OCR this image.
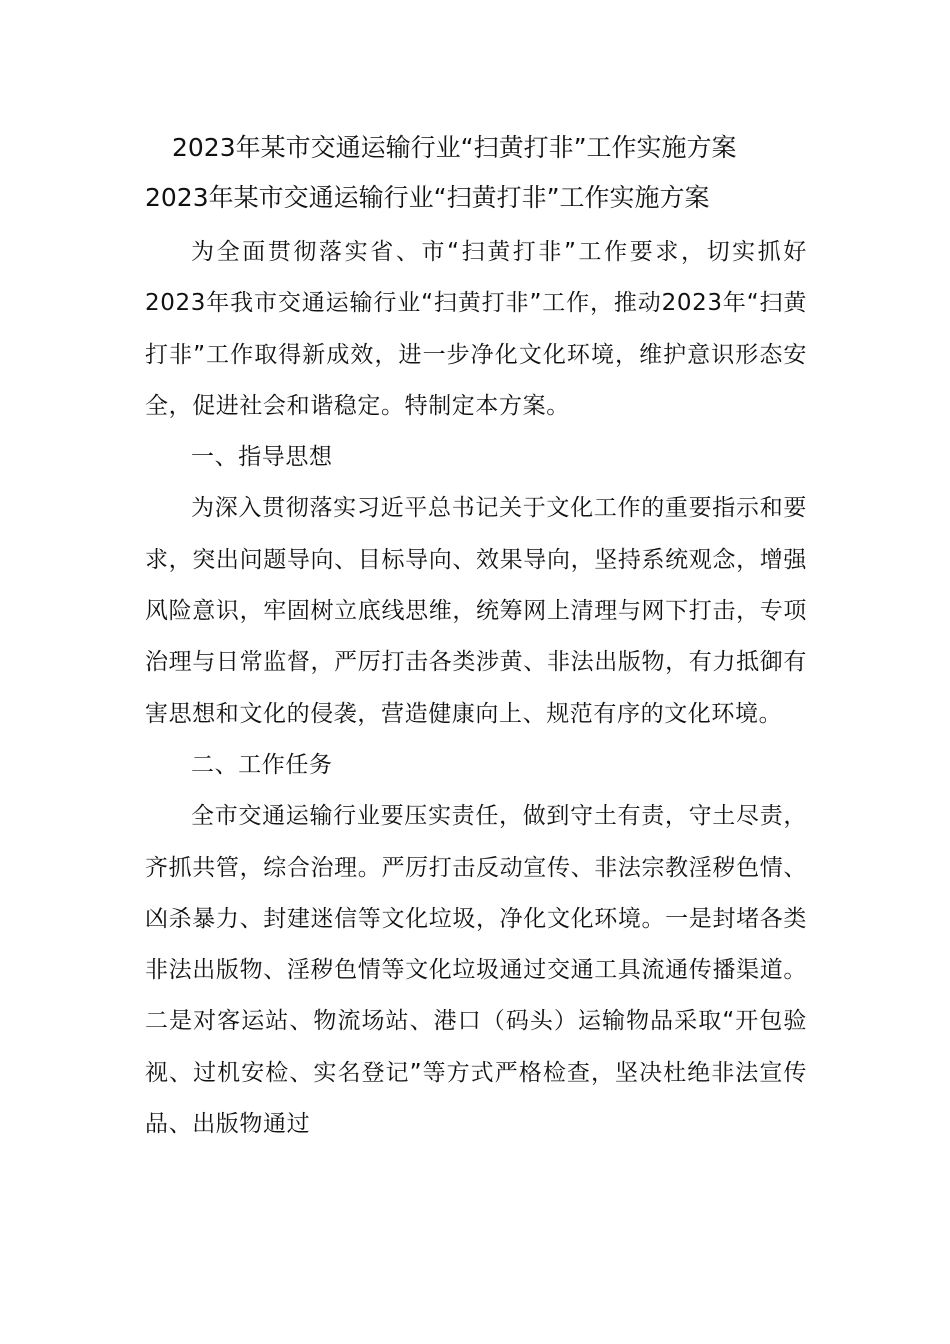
2023年某市交通运输行业“扫黄打非”工作实施方案
2023年某市交通运输行业“扫黄打非”工作实施方案

为全面贯彻落实省、市“扫黄打非”工作要求，切实抓好2023年我市交通运输行业“扫黄打非”工作，推动2023年“扫黄打非”工作取得新成效，进一步净化文化环境，维护意识形态安全，促进社会和谐稳定。特制定本方案。

一、指导思想

为深入贯彻落实习近平总书记关于文化工作的重要指示和要求，突出问题导向、目标导向、效果导向，坚持系统观念，增强风险意识，牢固树立底线思维，统筹网上清理与网下打击，专项治理与日常监督，严厉打击各类涉黄、非法出版物，有力抵御有害思想和文化的侵袭，营造健康向上、规范有序的文化环境。

二、工作任务

全市交通运输行业要压实责任，做到守土有责，守土尽责，齐抓共管，综合治理。严厉打击反动宣传、非法宗教淫秽色情、凶杀暴力、封建迷信等文化垃圾，净化文化环境。一是封堵各类非法出版物、淫秽色情等文化垃圾通过交通工具流通传播渠道。二是对客运站、物流场站、港口（码头）运输物品采取“开包验视、过机安检、实名登记”等方式严格检查，坚决杜绝非法宣传品、出版物通过
